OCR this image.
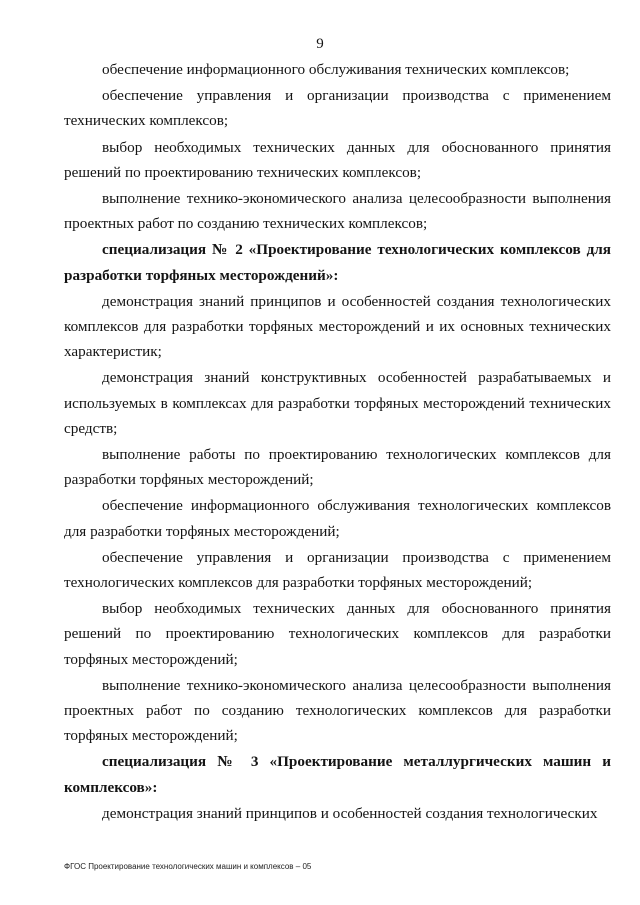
9

обеспечение информационного обслуживания технических комплексов;

обеспечение управления и организации производства с применением технических комплексов;

выбор необходимых технических данных для обоснованного принятия решений по проектированию технических комплексов;

выполнение технико-экономического анализа целесообразности выполнения проектных работ по созданию технических комплексов;

специализация № 2 «Проектирование технологических комплексов для разработки торфяных месторождений»:

демонстрация знаний принципов и особенностей создания технологических комплексов для разработки торфяных месторождений и их основных технических характеристик;

демонстрация знаний конструктивных особенностей разрабатываемых и используемых в комплексах для разработки торфяных месторождений технических средств;

выполнение работы по проектированию технологических комплексов для разработки торфяных месторождений;

обеспечение информационного обслуживания технологических комплексов для разработки торфяных месторождений;

обеспечение управления и организации производства с применением технологических комплексов для разработки торфяных месторождений;

выбор необходимых технических данных для обоснованного принятия решений по проектированию технологических комплексов для разработки торфяных месторождений;

выполнение технико-экономического анализа целесообразности выполнения проектных работ по созданию технологических комплексов для разработки торфяных месторождений;

специализация № 3 «Проектирование металлургических машин и комплексов»:

демонстрация знаний принципов и особенностей создания технологических

ФГОС Проектирование технологических машин и комплексов – 05
